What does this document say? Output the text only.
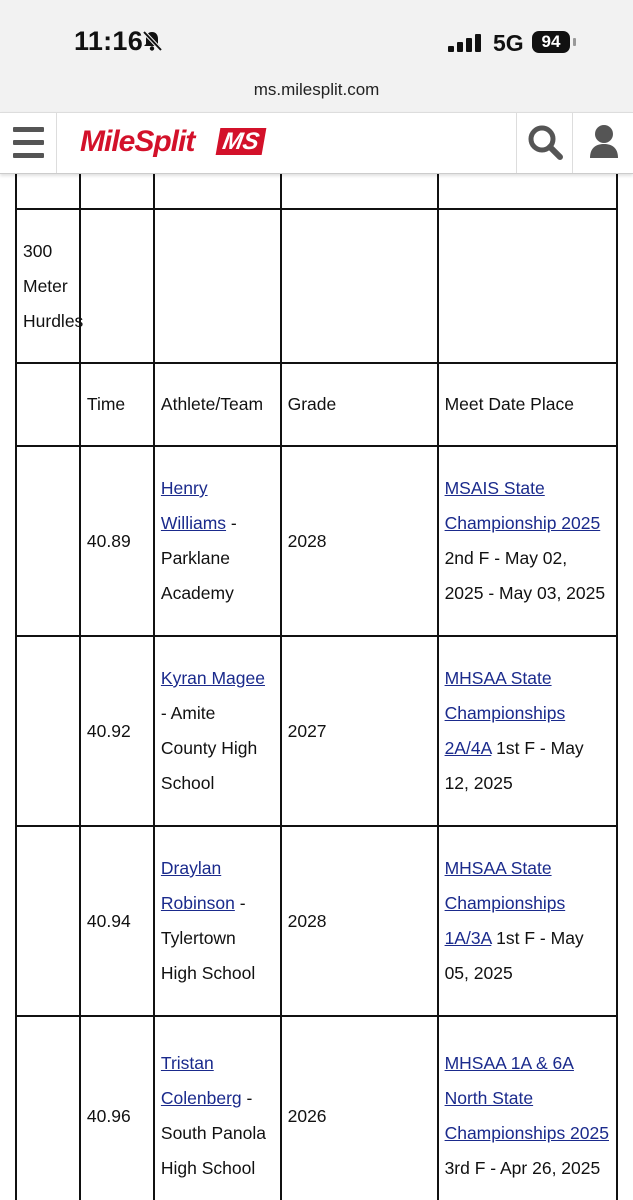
11:16	5G	94
ms.milesplit.com
MileSplit MS

300 Meter Hurdles				
	Time	Athlete/Team	Grade	Meet Date Place
	40.89	Henry Williams - Parklane Academy	2028	MSAIS State Championship 2025 2nd F - May 02, 2025 - May 03, 2025
	40.92	Kyran Magee - Amite County High School	2027	MHSAA State Championships 2A/4A 1st F - May 12, 2025
	40.94	Draylan Robinson - Tylertown High School	2028	MHSAA State Championships 1A/3A 1st F - May 05, 2025
	40.96	Tristan Colenberg - South Panola High School	2026	MHSAA 1A & 6A North State Championships 2025 3rd F - Apr 26, 2025
